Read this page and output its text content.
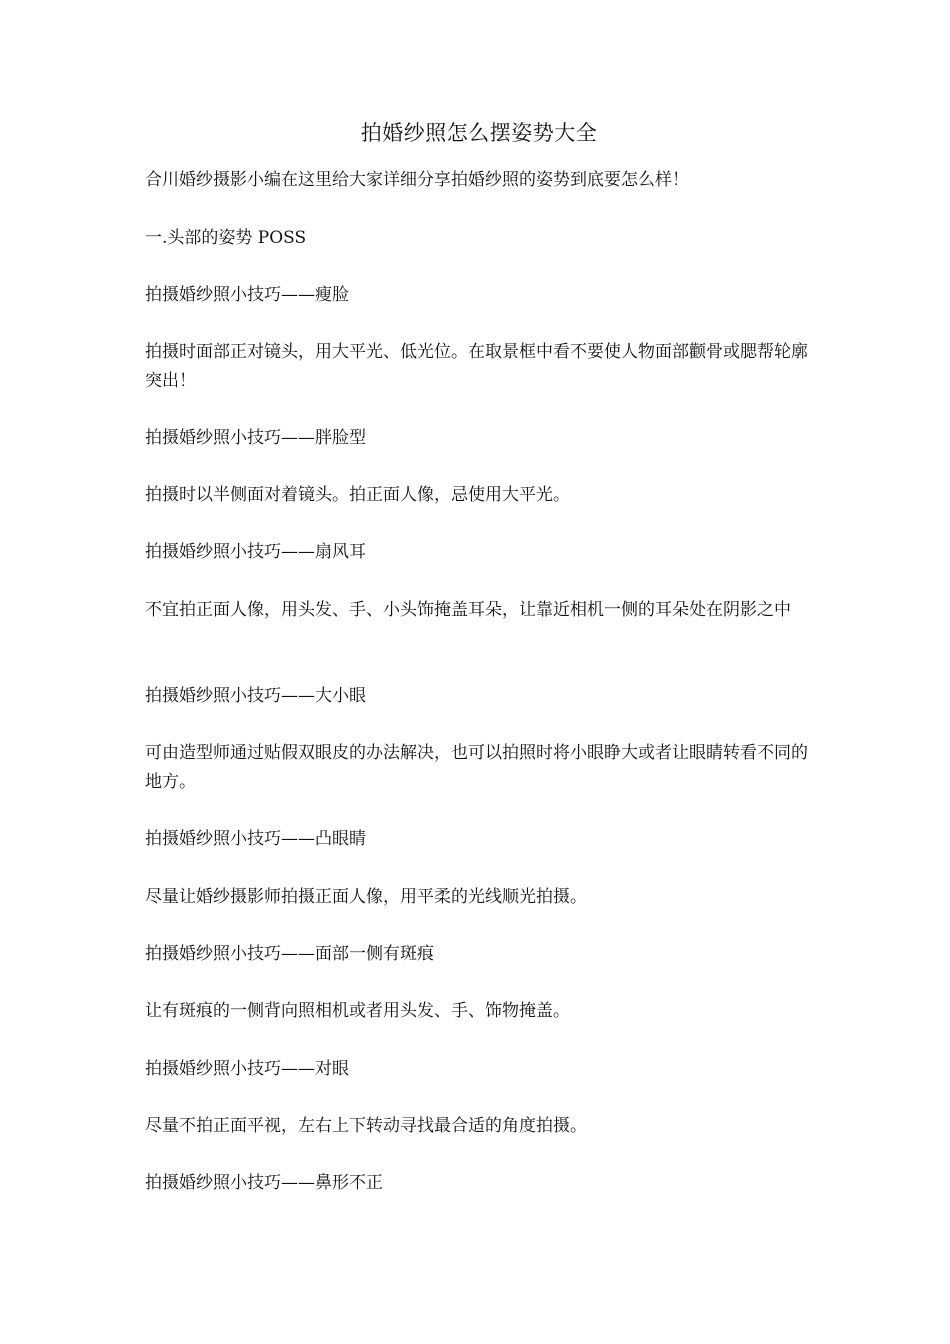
拍婚纱照怎么摆姿势大全

合川婚纱摄影小编在这里给大家详细分享拍婚纱照的姿势到底要怎么样！

一.头部的姿势 POSS

拍摄婚纱照小技巧——瘦脸

拍摄时面部正对镜头，用大平光、低光位。在取景框中看不要使人物面部颧骨或腮帮轮廓突出！

拍摄婚纱照小技巧——胖脸型

拍摄时以半侧面对着镜头。拍正面人像，忌使用大平光。

拍摄婚纱照小技巧——扇风耳

不宜拍正面人像，用头发、手、小头饰掩盖耳朵，让靠近相机一侧的耳朵处在阴影之中

拍摄婚纱照小技巧——大小眼

可由造型师通过贴假双眼皮的办法解决，也可以拍照时将小眼睁大或者让眼睛转看不同的地方。

拍摄婚纱照小技巧——凸眼睛

尽量让婚纱摄影师拍摄正面人像，用平柔的光线顺光拍摄。

拍摄婚纱照小技巧——面部一侧有斑痕

让有斑痕的一侧背向照相机或者用头发、手、饰物掩盖。

拍摄婚纱照小技巧——对眼

尽量不拍正面平视，左右上下转动寻找最合适的角度拍摄。

拍摄婚纱照小技巧——鼻形不正
